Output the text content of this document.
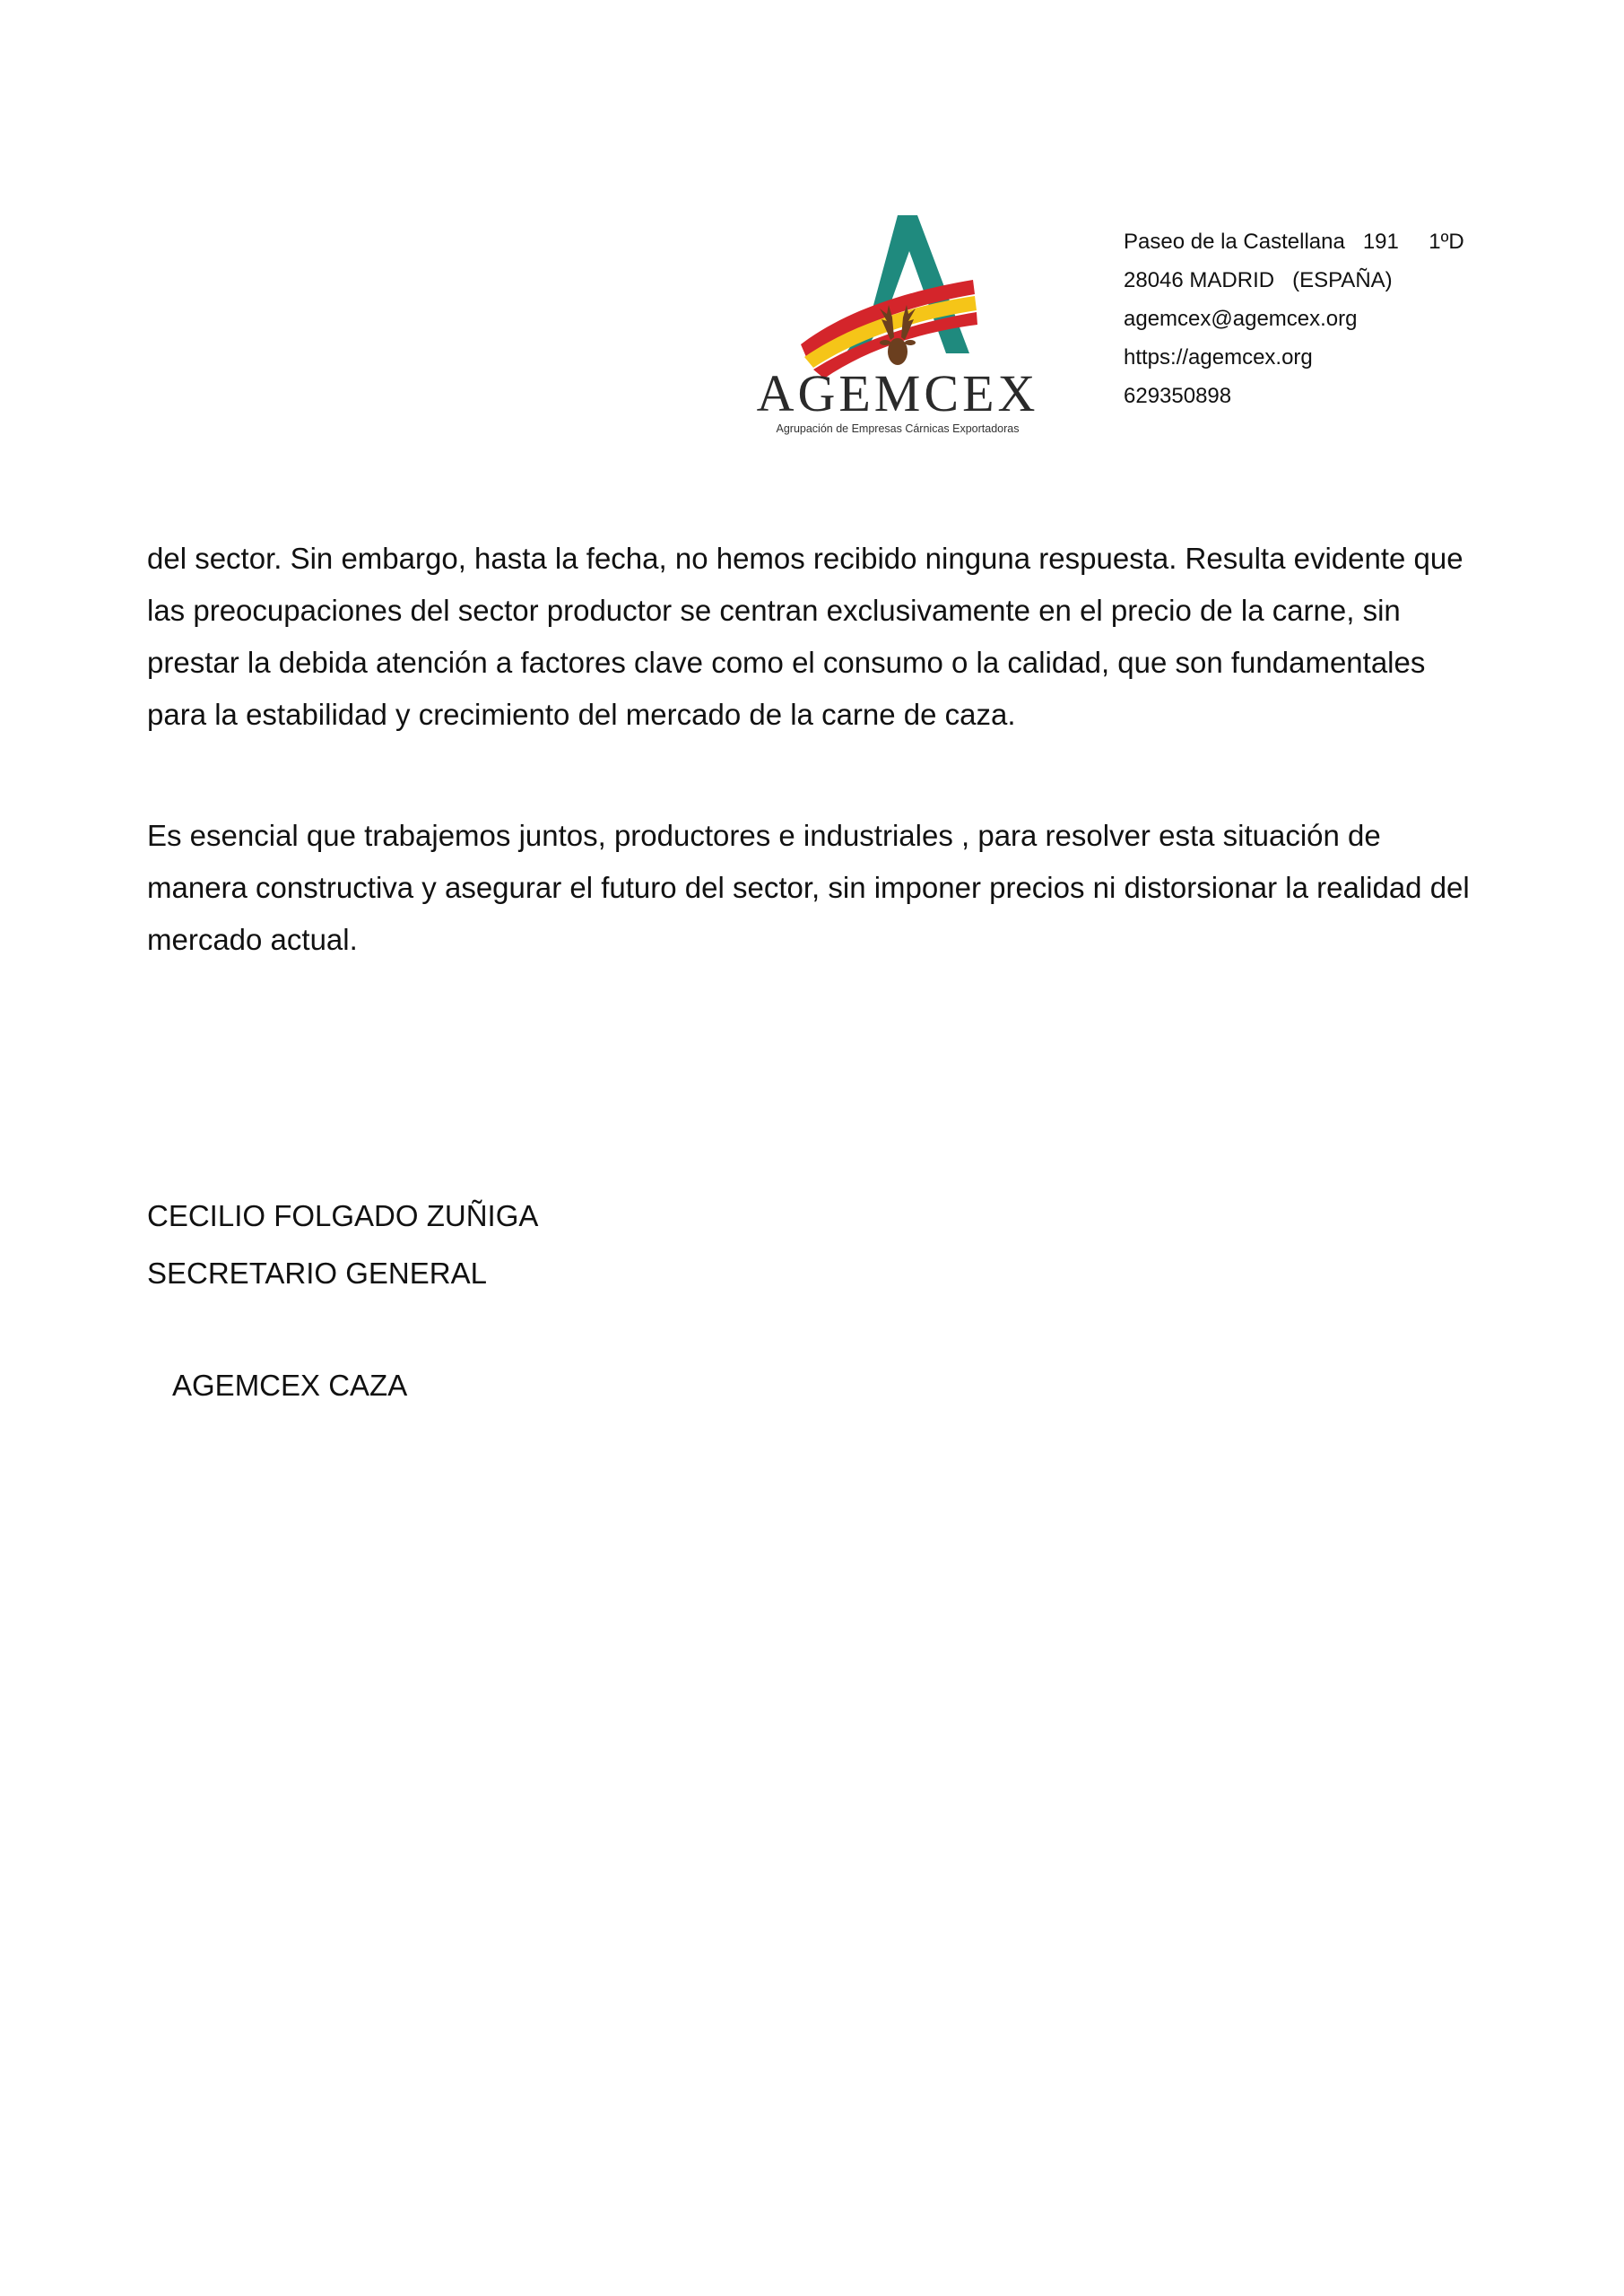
AGEMCEX
Agrupación de Empresas Cárnicas Exportadoras
Paseo de la Castellana   191     1ºD
28046 MADRID   (ESPAÑA)
agemcex@agemcex.org
https://agemcex.org
629350898
del sector. Sin embargo, hasta la fecha, no hemos recibido ninguna respuesta. Resulta evidente que las preocupaciones del sector productor se centran exclusivamente en el precio de la carne, sin prestar la debida atención a factores clave como el consumo o la calidad, que son fundamentales para la estabilidad y crecimiento del mercado de la carne de caza.
Es esencial que trabajemos juntos, productores e industriales , para resolver esta situación de manera constructiva y asegurar el futuro del sector, sin imponer precios ni distorsionar la realidad del mercado actual.
CECILIO FOLGADO ZUÑIGA
SECRETARIO GENERAL
AGEMCEX CAZA
